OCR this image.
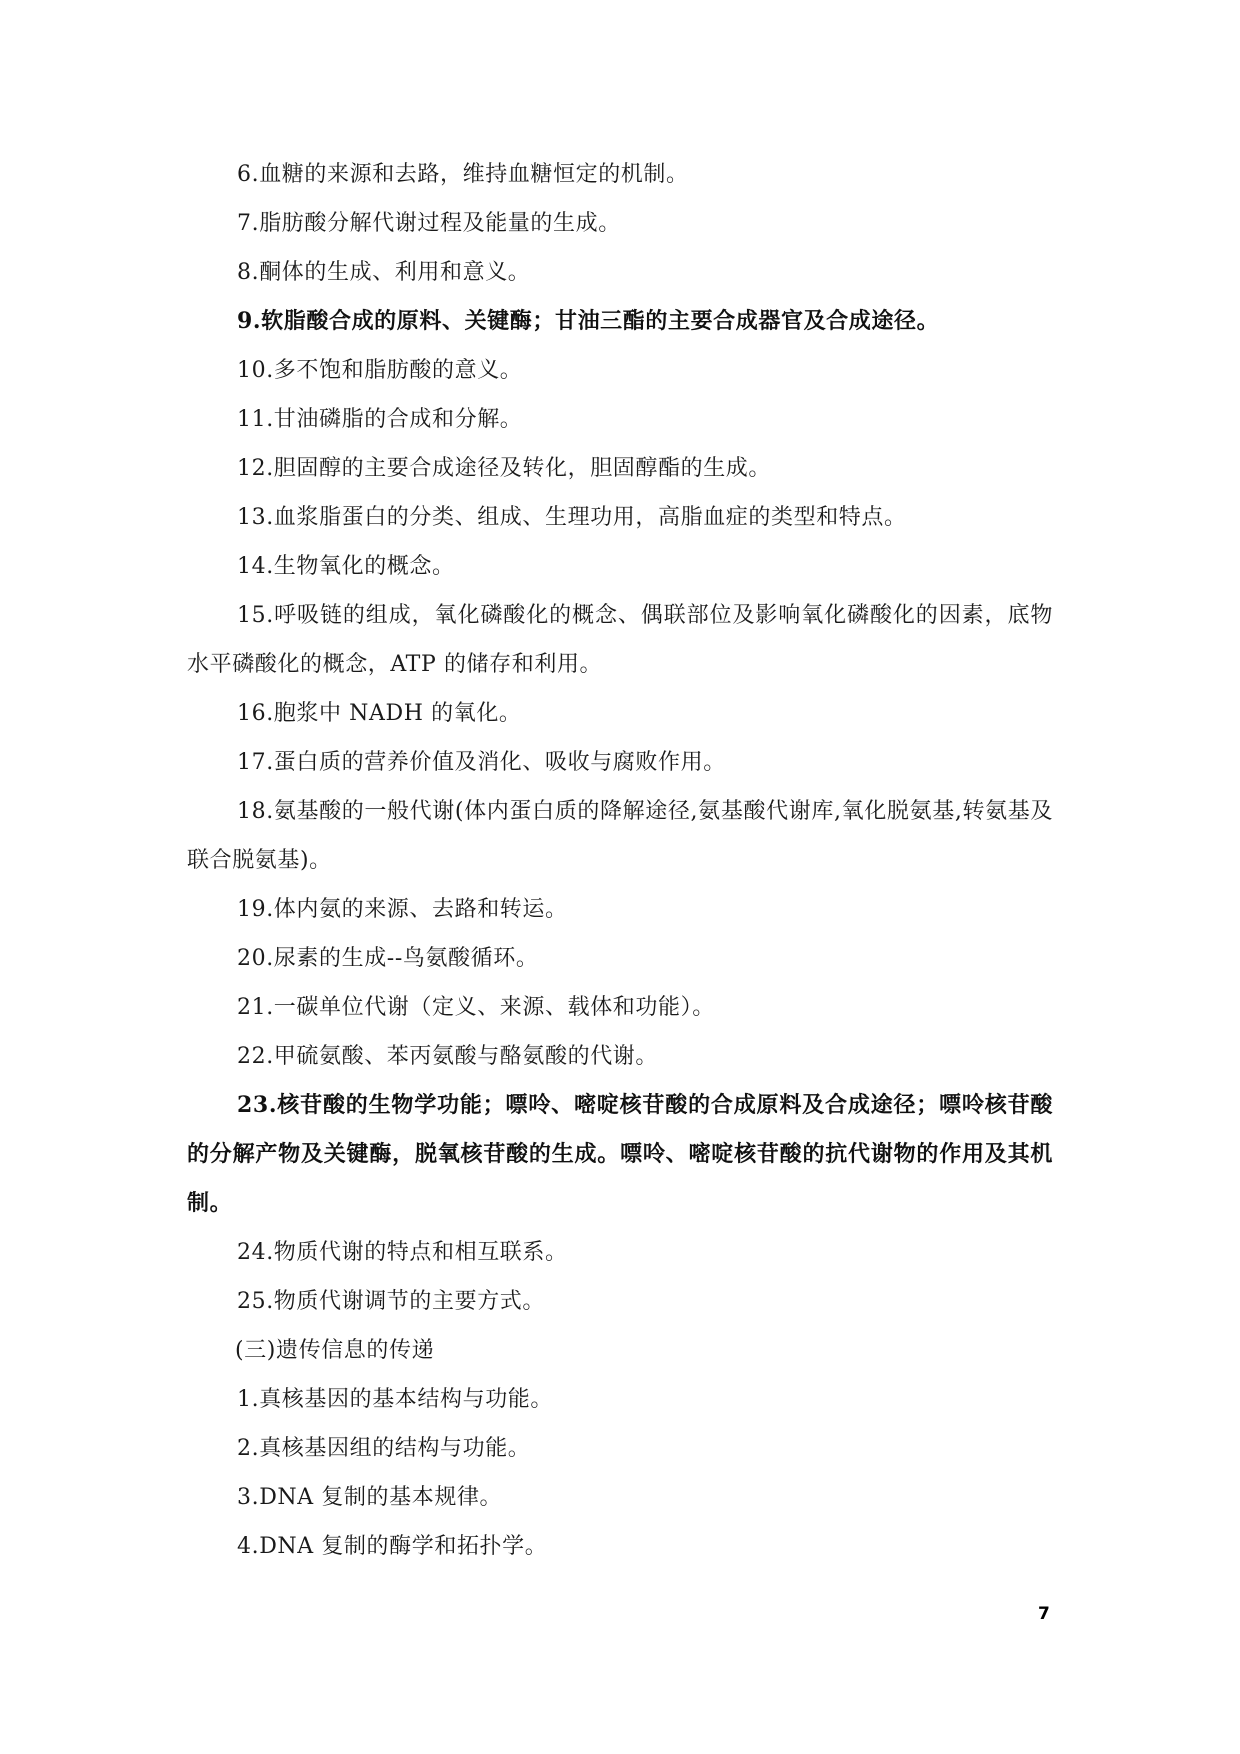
6.血糖的来源和去路，维持血糖恒定的机制。

7.脂肪酸分解代谢过程及能量的生成。

8.酮体的生成、利用和意义。

9.软脂酸合成的原料、关键酶；甘油三酯的主要合成器官及合成途径。

10.多不饱和脂肪酸的意义。

11.甘油磷脂的合成和分解。

12.胆固醇的主要合成途径及转化，胆固醇酯的生成。

13.血浆脂蛋白的分类、组成、生理功用，高脂血症的类型和特点。

14.生物氧化的概念。

15.呼吸链的组成，氧化磷酸化的概念、偶联部位及影响氧化磷酸化的因素，底物水平磷酸化的概念，ATP 的储存和利用。

16.胞浆中 NADH 的氧化。

17.蛋白质的营养价值及消化、吸收与腐败作用。

18.氨基酸的一般代谢(体内蛋白质的降解途径,氨基酸代谢库,氧化脱氨基,转氨基及联合脱氨基)。

19.体内氨的来源、去路和转运。

20.尿素的生成--鸟氨酸循环。

21.一碳单位代谢（定义、来源、载体和功能）。

22.甲硫氨酸、苯丙氨酸与酪氨酸的代谢。

23.核苷酸的生物学功能；嘌呤、嘧啶核苷酸的合成原料及合成途径；嘌呤核苷酸的分解产物及关键酶，脱氧核苷酸的生成。嘌呤、嘧啶核苷酸的抗代谢物的作用及其机制。

24.物质代谢的特点和相互联系。

25.物质代谢调节的主要方式。

(三)遗传信息的传递

1.真核基因的基本结构与功能。

2.真核基因组的结构与功能。

3.DNA 复制的基本规律。

4.DNA 复制的酶学和拓扑学。

7
